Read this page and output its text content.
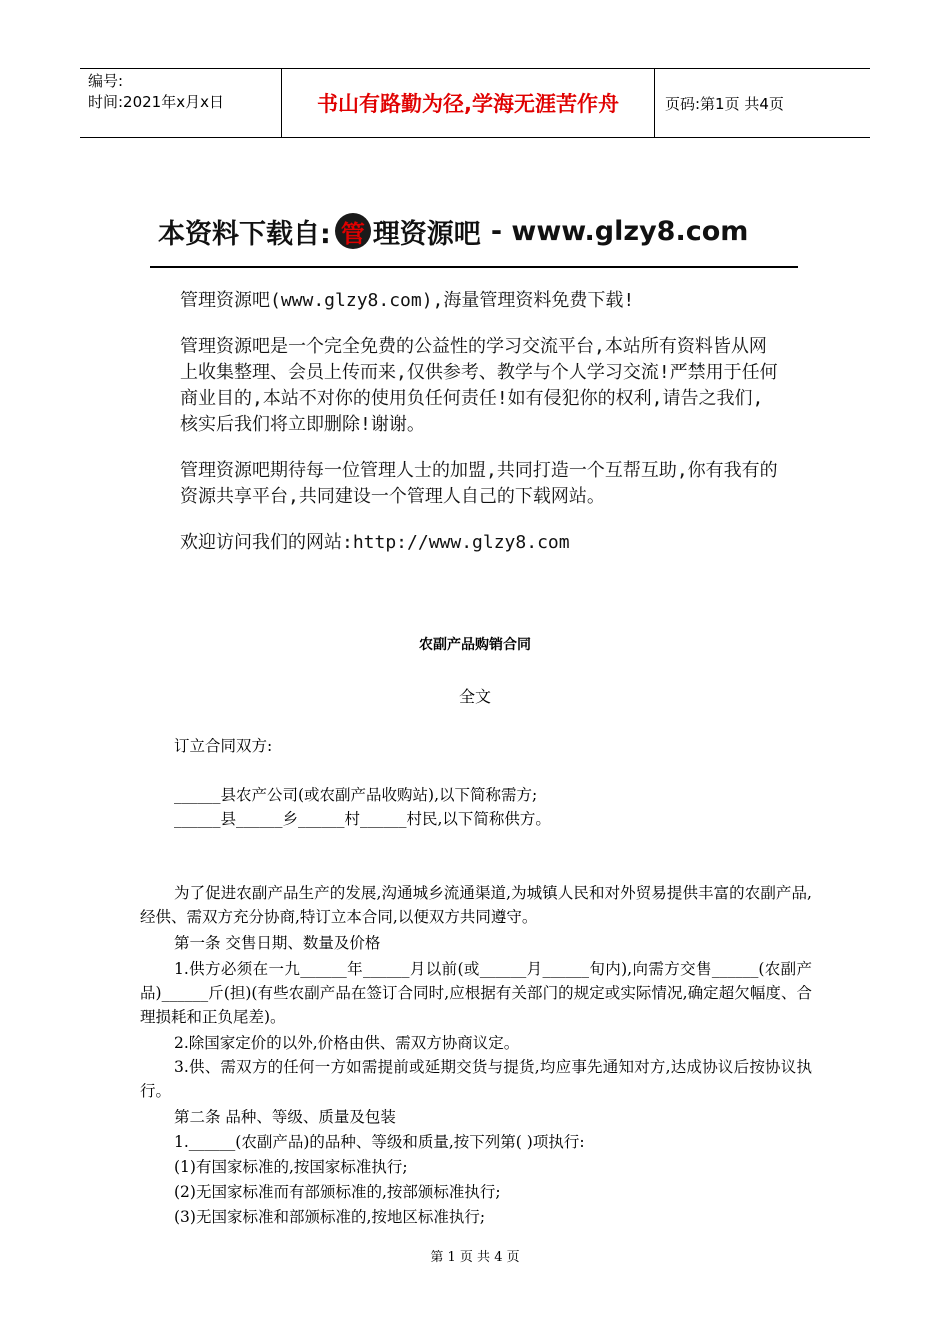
编号:
时间:2021年x月x日	书山有路勤为径,学海无涯苦作舟	页码:第1页 共4页
本资料下载自: 管 理资源吧 - www.glzy8.com

管理资源吧(www.glzy8.com),海量管理资料免费下载!

管理资源吧是一个完全免费的公益性的学习交流平台,本站所有资料皆从网上收集整理、会员上传而来,仅供参考、教学与个人学习交流!严禁用于任何商业目的,本站不对你的使用负任何责任!如有侵犯你的权利,请告之我们,核实后我们将立即删除!谢谢。

管理资源吧期待每一位管理人士的加盟,共同打造一个互帮互助,你有我有的资源共享平台,共同建设一个管理人自己的下载网站。

欢迎访问我们的网站:http://www.glzy8.com

农副产品购销合同
全文
订立合同双方:
______县农产公司(或农副产品收购站),以下简称需方;
______县______乡______村______村民,以下简称供方。
为了促进农副产品生产的发展,沟通城乡流通渠道,为城镇人民和对外贸易提供丰富的农副产品,经供、需双方充分协商,特订立本合同,以便双方共同遵守。
第一条 交售日期、数量及价格
1.供方必须在一九______年______月以前(或______月______旬内),向需方交售______(农副产品)______斤(担)(有些农副产品在签订合同时,应根据有关部门的规定或实际情况,确定超欠幅度、合理损耗和正负尾差)。
2.除国家定价的以外,价格由供、需双方协商议定。
3.供、需双方的任何一方如需提前或延期交货与提货,均应事先通知对方,达成协议后按协议执行。
第二条 品种、等级、质量及包装
1.______(农副产品)的品种、等级和质量,按下列第( )项执行:
(1)有国家标准的,按国家标准执行;
(2)无国家标准而有部颁标准的,按部颁标准执行;
(3)无国家标准和部颁标准的,按地区标准执行;
第 1 页 共 4 页
